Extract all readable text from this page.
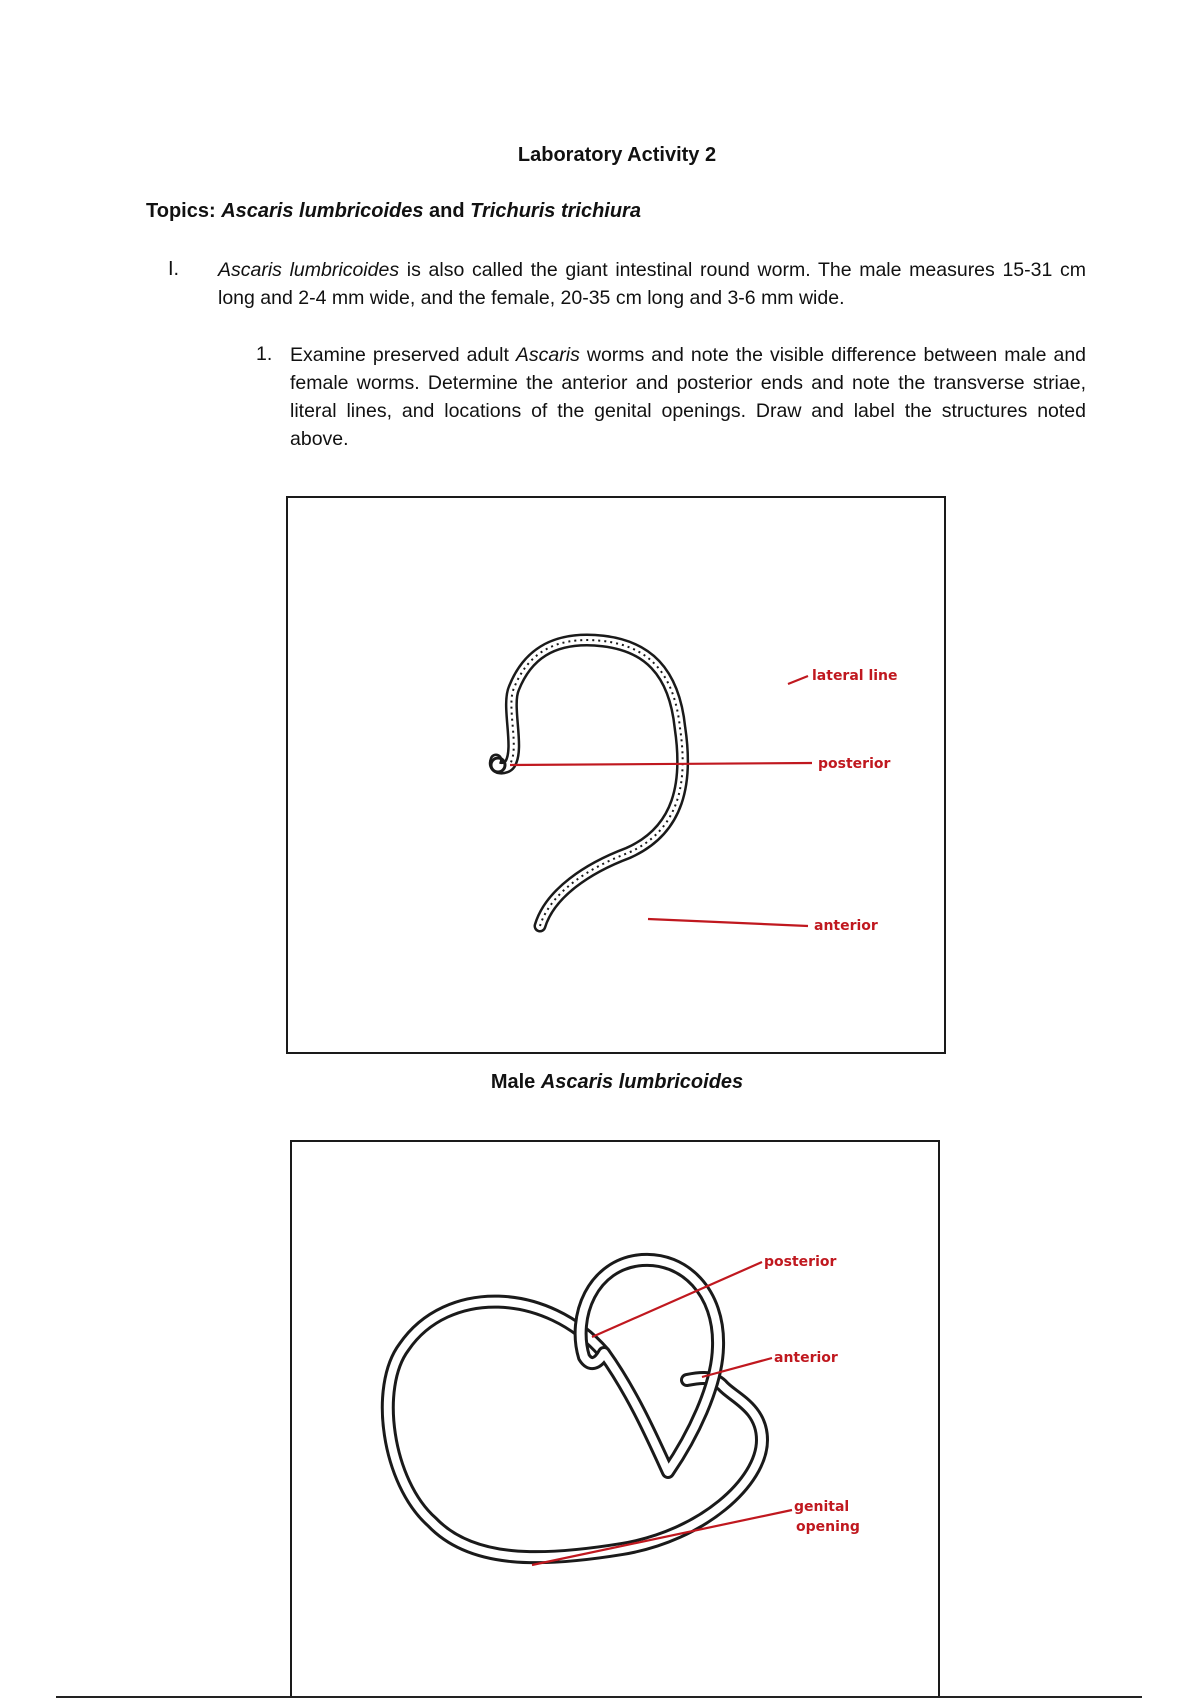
Laboratory Activity 2
Topics: Ascaris lumbricoides and Trichuris trichiura
I. Ascaris lumbricoides is also called the giant intestinal round worm. The male measures 15-31 cm long and 2-4 mm wide, and the female, 20-35 cm long and 3-6 mm wide.
1. Examine preserved adult Ascaris worms and note the visible difference between male and female worms. Determine the anterior and posterior ends and note the transverse striae, literal lines, and locations of the genital openings. Draw and label the structures noted above.
lateral line
posterior
anterior
Male Ascaris lumbricoides
posterior
anterior
genital
opening
